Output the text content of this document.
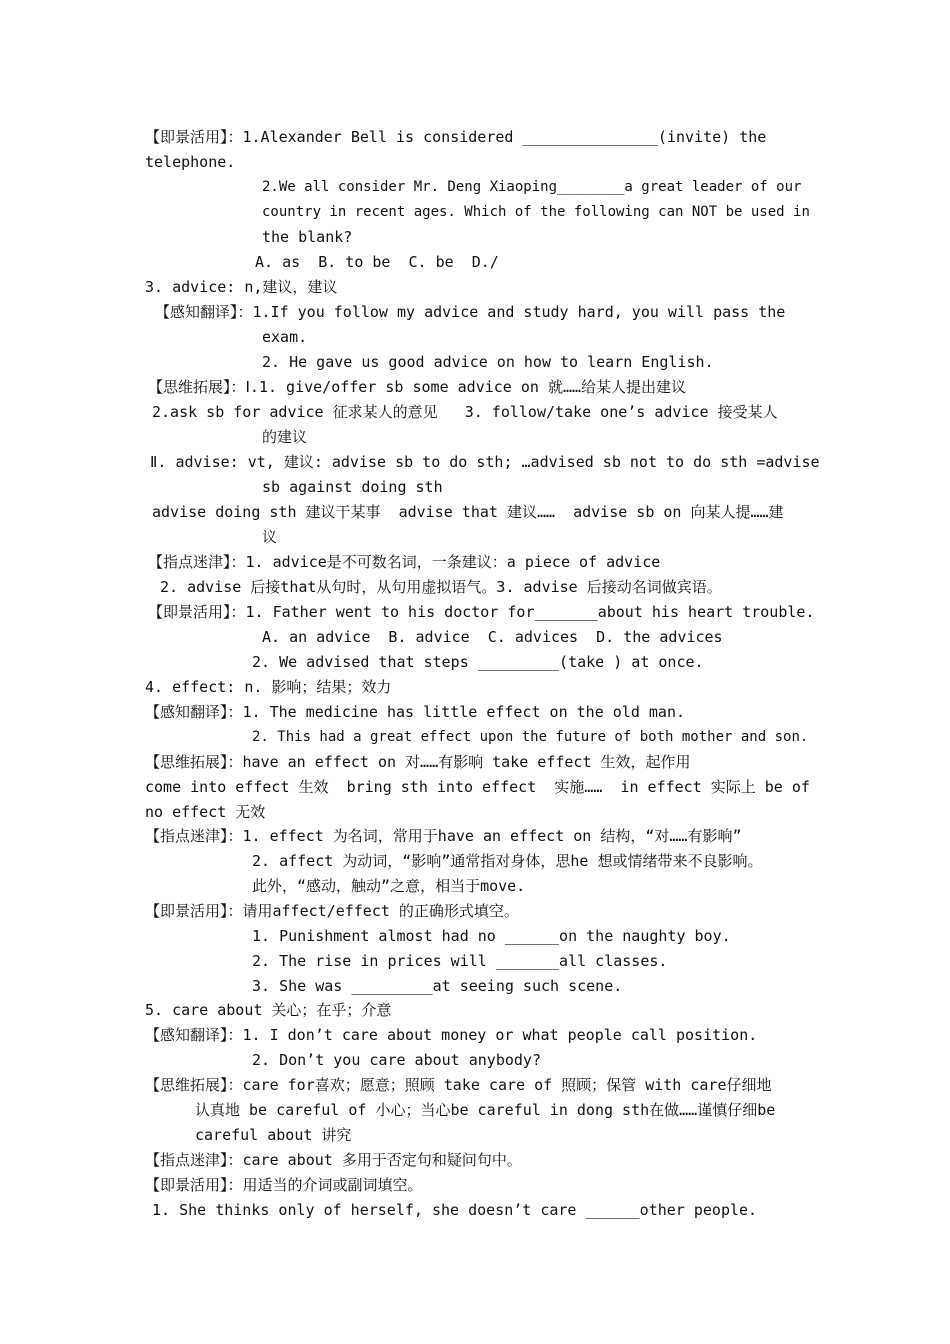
【即景活用】：1.Alexander Bell is considered _______________(invite) the
telephone.
2.We all consider Mr. Deng Xiaoping________a great leader of our
country in recent ages. Which of the following can NOT be used in
the blank?
A. as  B. to be  C. be  D./
3. advice: n,建议，建议
【感知翻译】：1.If you follow my advice and study hard, you will pass the
exam.
2. He gave us good advice on how to learn English.
【思维拓展】：Ⅰ.1. give/offer sb some advice on 就……给某人提出建议
2.ask sb for advice 征求某人的意见   3. follow/take one’s advice 接受某人
的建议
Ⅱ. advise: vt, 建议: advise sb to do sth; …advised sb not to do sth =advise
sb against doing sth
advise doing sth 建议干某事  advise that 建议……  advise sb on 向某人提……建
议
【指点迷津】：1. advice是不可数名词，一条建议：a piece of advice
2. advise 后接that从句时，从句用虚拟语气。3. advise 后接动名词做宾语。
【即景活用】：1. Father went to his doctor for_______about his heart trouble.
A. an advice  B. advice  C. advices  D. the advices
2. We advised that steps _________(take ) at once.
4. effect: n. 影响；结果；效力
【感知翻译】：1. The medicine has little effect on the old man.
2. This had a great effect upon the future of both mother and son.
【思维拓展】：have an effect on 对……有影响 take effect 生效，起作用
come into effect 生效  bring sth into effect  实施……  in effect 实际上 be of
no effect 无效
【指点迷津】：1. effect 为名词，常用于have an effect on 结构，“对……有影响”
2. affect 为动词，“影响”通常指对身体，思he 想或情绪带来不良影响。
此外，“感动，触动”之意，相当于move.
【即景活用】：请用affect/effect 的正确形式填空。
1. Punishment almost had no ______on the naughty boy.
2. The rise in prices will _______all classes.
3. She was _________at seeing such scene.
5. care about 关心；在乎；介意
【感知翻译】：1. I don’t care about money or what people call position.
2. Don’t you care about anybody?
【思维拓展】：care for喜欢；愿意；照顾 take care of 照顾；保管 with care仔细地
认真地 be careful of 小心；当心be careful in dong sth在做……谨慎仔细be
careful about 讲究
【指点迷津】：care about 多用于否定句和疑问句中。
【即景活用】：用适当的介词或副词填空。
1. She thinks only of herself, she doesn’t care ______other people.
